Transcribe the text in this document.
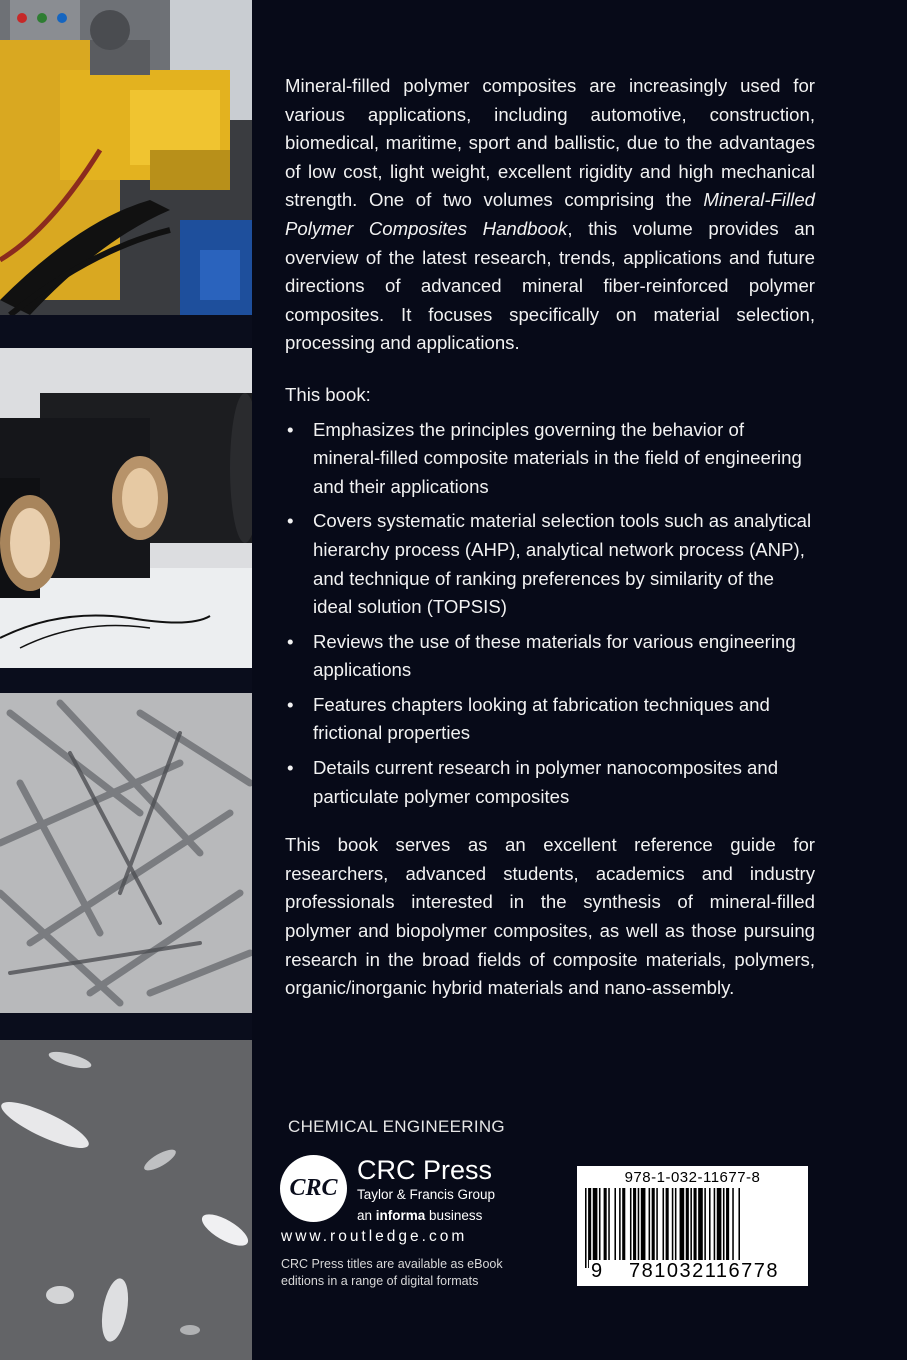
Mineral-filled polymer composites are increasingly used for various applications, including automotive, construction, biomedical, maritime, sport and ballistic, due to the advantages of low cost, light weight, excellent rigidity and high mechanical strength. One of two volumes comprising the Mineral-Filled Polymer Composites Handbook, this volume provides an overview of the latest research, trends, applications and future directions of advanced mineral fiber-reinforced polymer composites. It focuses specifically on material selection, processing and applications.

This book:
• Emphasizes the principles governing the behavior of mineral-filled composite materials in the field of engineering and their applications
• Covers systematic material selection tools such as analytical hierarchy process (AHP), analytical network process (ANP), and technique of ranking preferences by similarity of the ideal solution (TOPSIS)
• Reviews the use of these materials for various engineering applications
• Features chapters looking at fabrication techniques and frictional properties
• Details current research in polymer nanocomposites and particulate polymer composites

This book serves as an excellent reference guide for researchers, advanced students, academics and industry professionals interested in the synthesis of mineral-filled polymer and biopolymer composites, as well as those pursuing research in the broad fields of composite materials, polymers, organic/inorganic hybrid materials and nano-assembly.

CHEMICAL ENGINEERING
CRC
CRC Press
Taylor & Francis Group
an informa business
www.routledge.com
CRC Press titles are available as eBook editions in a range of digital formats
978-1-032-11677-8
9	781032116778
